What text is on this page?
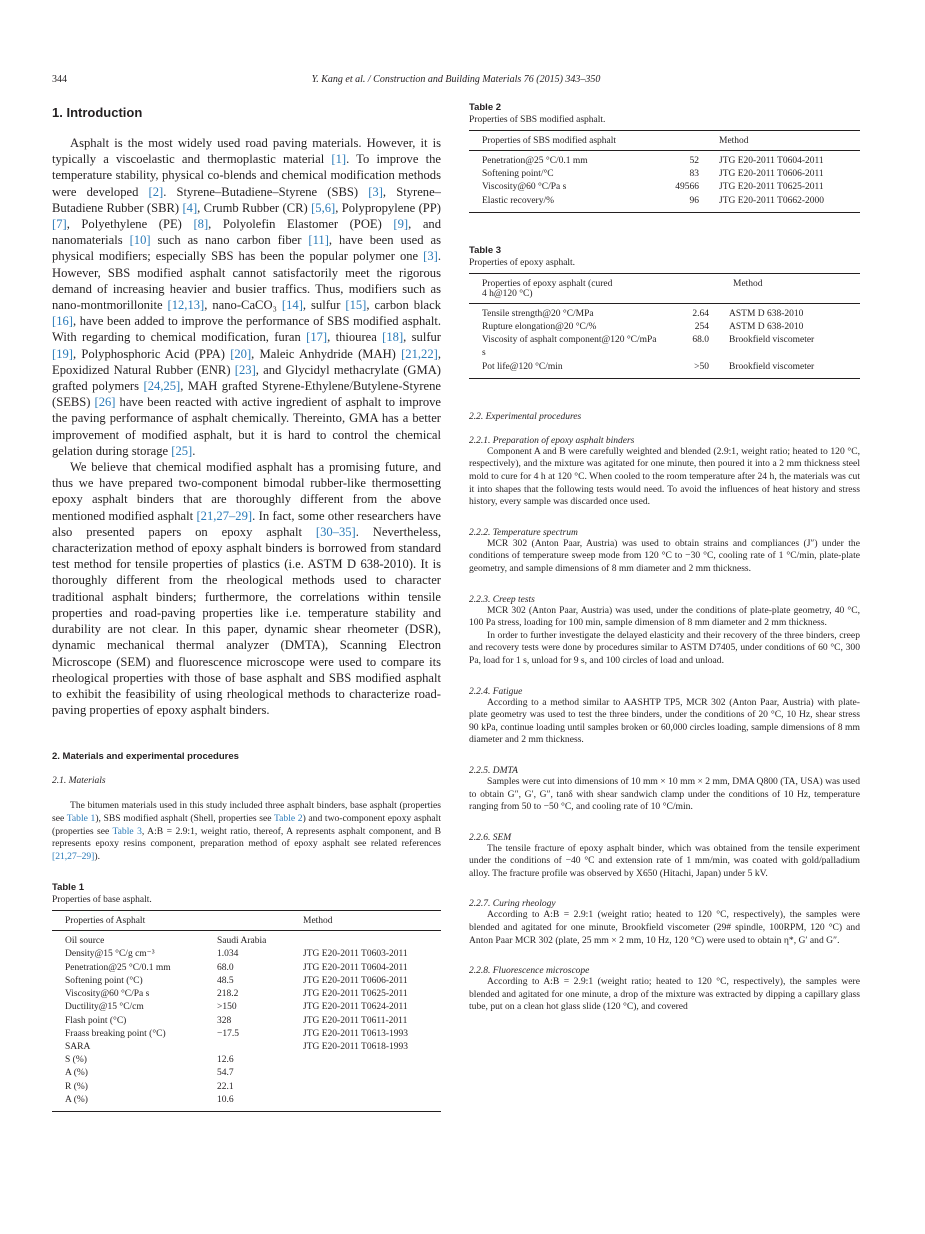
344	Y. Kang et al. / Construction and Building Materials 76 (2015) 343–350
1. Introduction

Asphalt is the most widely used road paving materials. However, it is typically a viscoelastic and thermoplastic material [1]. To improve the temperature stability, physical co-blends and chemical modification methods were developed [2]. Styrene–Butadiene–Styrene (SBS) [3], Styrene–Butadiene Rubber (SBR) [4], Crumb Rubber (CR) [5,6], Polypropylene (PP) [7], Polyethylene (PE) [8], Polyolefin Elastomer (POE) [9], and nanomaterials [10] such as nano carbon fiber [11], have been used as physical modifiers; especially SBS has been the popular polymer one [3]. However, SBS modified asphalt cannot satisfactorily meet the rigorous demand of increasing heavier and busier traffics. Thus, modifiers such as nano-montmorillonite [12,13], nano-CaCO₃ [14], sulfur [15], carbon black [16], have been added to improve the performance of SBS modified asphalt. With regarding to chemical modification, furan [17], thiourea [18], sulfur [19], Polyphosphoric Acid (PPA) [20], Maleic Anhydride (MAH) [21,22], Epoxidized Natural Rubber (ENR) [23], and Glycidyl methacrylate (GMA) grafted polymers [24,25], MAH grafted Styrene-Ethylene/Butylene-Styrene (SEBS) [26] have been reacted with active ingredient of asphalt to improve the paving performance of asphalt chemically. Thereinto, GMA has a better improvement of modified asphalt, but it is hard to control the chemical gelation during storage [25].

We believe that chemical modified asphalt has a promising future, and thus we have prepared two-component bimodal rubber-like thermosetting epoxy asphalt binders that are thoroughly different from the above mentioned modified asphalt [21,27–29]. In fact, some other researchers have also presented papers on epoxy asphalt [30–35]. Nevertheless, characterization method of epoxy asphalt binders is borrowed from standard test method for tensile properties of plastics (i.e. ASTM D 638-2010). It is thoroughly different from the rheological methods used to character traditional asphalt binders; furthermore, the correlations within tensile properties and road-paving properties like i.e. temperature stability and durability are not clear. In this paper, dynamic shear rheometer (DSR), dynamic mechanical thermal analyzer (DMTA), Scanning Electron Microscope (SEM) and fluorescence microscope were used to compare its rheological properties with those of base asphalt and SBS modified asphalt to exhibit the feasibility of using rheological methods to characterize road-paving properties of epoxy asphalt binders.

2. Materials and experimental procedures

2.1. Materials

The bitumen materials used in this study included three asphalt binders, base asphalt (properties see Table 1), SBS modified asphalt (Shell, properties see Table 2) and two-component epoxy asphalt (properties see Table 3, A:B = 2.9:1, weight ratio, thereof, A represents asphalt component, and B represents epoxy resins component, preparation method of epoxy asphalt see related references [21,27–29]).

Table 1

Properties of base asphalt.

Properties of Asphalt		Method
Oil source	Saudi Arabia	
Density@15 °C/g cm⁻³	1.034	JTG E20-2011 T0603-2011
Penetration@25 °C/0.1 mm	68.0	JTG E20-2011 T0604-2011
Softening point (°C)	48.5	JTG E20-2011 T0606-2011
Viscosity@60 °C/Pa s	218.2	JTG E20-2011 T0625-2011
Ductility@15 °C/cm	>150	JTG E20-2011 T0624-2011
Flash point (°C)	328	JTG E20-2011 T0611-2011
Fraass breaking point (°C)	−17.5	JTG E20-2011 T0613-1993
SARA		JTG E20-2011 T0618-1993
S (%)	12.6	
A (%)	54.7	
R (%)	22.1	
A (%)	10.6	

Table 2

Properties of SBS modified asphalt.

Properties of SBS modified asphalt		Method
Penetration@25 °C/0.1 mm	52	JTG E20-2011 T0604-2011
Softening point/°C	83	JTG E20-2011 T0606-2011
Viscosity@60 °C/Pa s	49566	JTG E20-2011 T0625-2011
Elastic recovery/%	96	JTG E20-2011 T0662-2000

Table 3

Properties of epoxy asphalt.

Properties of epoxy asphalt (cured 4 h@120 °C)		Method
Tensile strength@20 °C/MPa	2.64	ASTM D 638-2010
Rupture elongation@20 °C/%	254	ASTM D 638-2010
Viscosity of asphalt component@120 °C/mPa s	68.0	Brookfield viscometer
Pot life@120 °C/min	>50	Brookfield viscometer

2.2. Experimental procedures

2.2.1. Preparation of epoxy asphalt binders

Component A and B were carefully weighted and blended (2.9:1, weight ratio; heated to 120 °C, respectively), and the mixture was agitated for one minute, then poured it into a 2 mm thickness steel mold to cure for 4 h at 120 °C. When cooled to the room temperature after 24 h, the materials was cut it into shapes that the following tests would need. To avoid the influences of heat history and stress history, every sample was discarded once used.

2.2.2. Temperature spectrum

MCR 302 (Anton Paar, Austria) was used to obtain strains and compliances (J″) under the conditions of temperature sweep mode from 120 °C to −30 °C, cooling rate of 1 °C/min, plate-plate geometry, and sample dimensions of 8 mm diameter and 2 mm thickness.

2.2.3. Creep tests

MCR 302 (Anton Paar, Austria) was used, under the conditions of plate-plate geometry, 40 °C, 100 Pa stress, loading for 100 min, sample dimension of 8 mm diameter and 2 mm thickness.

In order to further investigate the delayed elasticity and their recovery of the three binders, creep and recovery tests were done by procedures similar to ASTM D7405, under conditions of 60 °C, 300 Pa, load for 1 s, unload for 9 s, and 100 circles of load and unload.

2.2.4. Fatigue

According to a method similar to AASHTP TP5, MCR 302 (Anton Paar, Austria) with plate-plate geometry was used to test the three binders, under the conditions of 20 °C, 10 Hz, shear stress 90 kPa, continue loading until samples broken or 60,000 circles loading, sample dimensions of 8 mm diameter and 2 mm thickness.

2.2.5. DMTA

Samples were cut into dimensions of 10 mm × 10 mm × 2 mm, DMA Q800 (TA, USA) was used to obtain G″, G′, G″, tanδ with shear sandwich clamp under the conditions of 10 Hz, temperature ranging from 50 to −50 °C, and cooling rate of 10 °C/min.

2.2.6. SEM

The tensile fracture of epoxy asphalt binder, which was obtained from the tensile experiment under the conditions of −40 °C and extension rate of 1 mm/min, was coated with gold/palladium alloy. The fracture profile was observed by X650 (Hitachi, Japan) under 5 kV.

2.2.7. Curing rheology

According to A:B = 2.9:1 (weight ratio; heated to 120 °C, respectively), the samples were blended and agitated for one minute, Brookfield viscometer (29# spindle, 100RPM, 120 °C) and Anton Paar MCR 302 (plate, 25 mm × 2 mm, 10 Hz, 120 °C) were used to obtain η*, G′ and G″.

2.2.8. Fluorescence microscope

According to A:B = 2.9:1 (weight ratio; heated to 120 °C, respectively), the samples were blended and agitated for one minute, a drop of the mixture was extracted by dipping a capillary glass tube, put on a clean hot glass slide (120 °C), and covered
